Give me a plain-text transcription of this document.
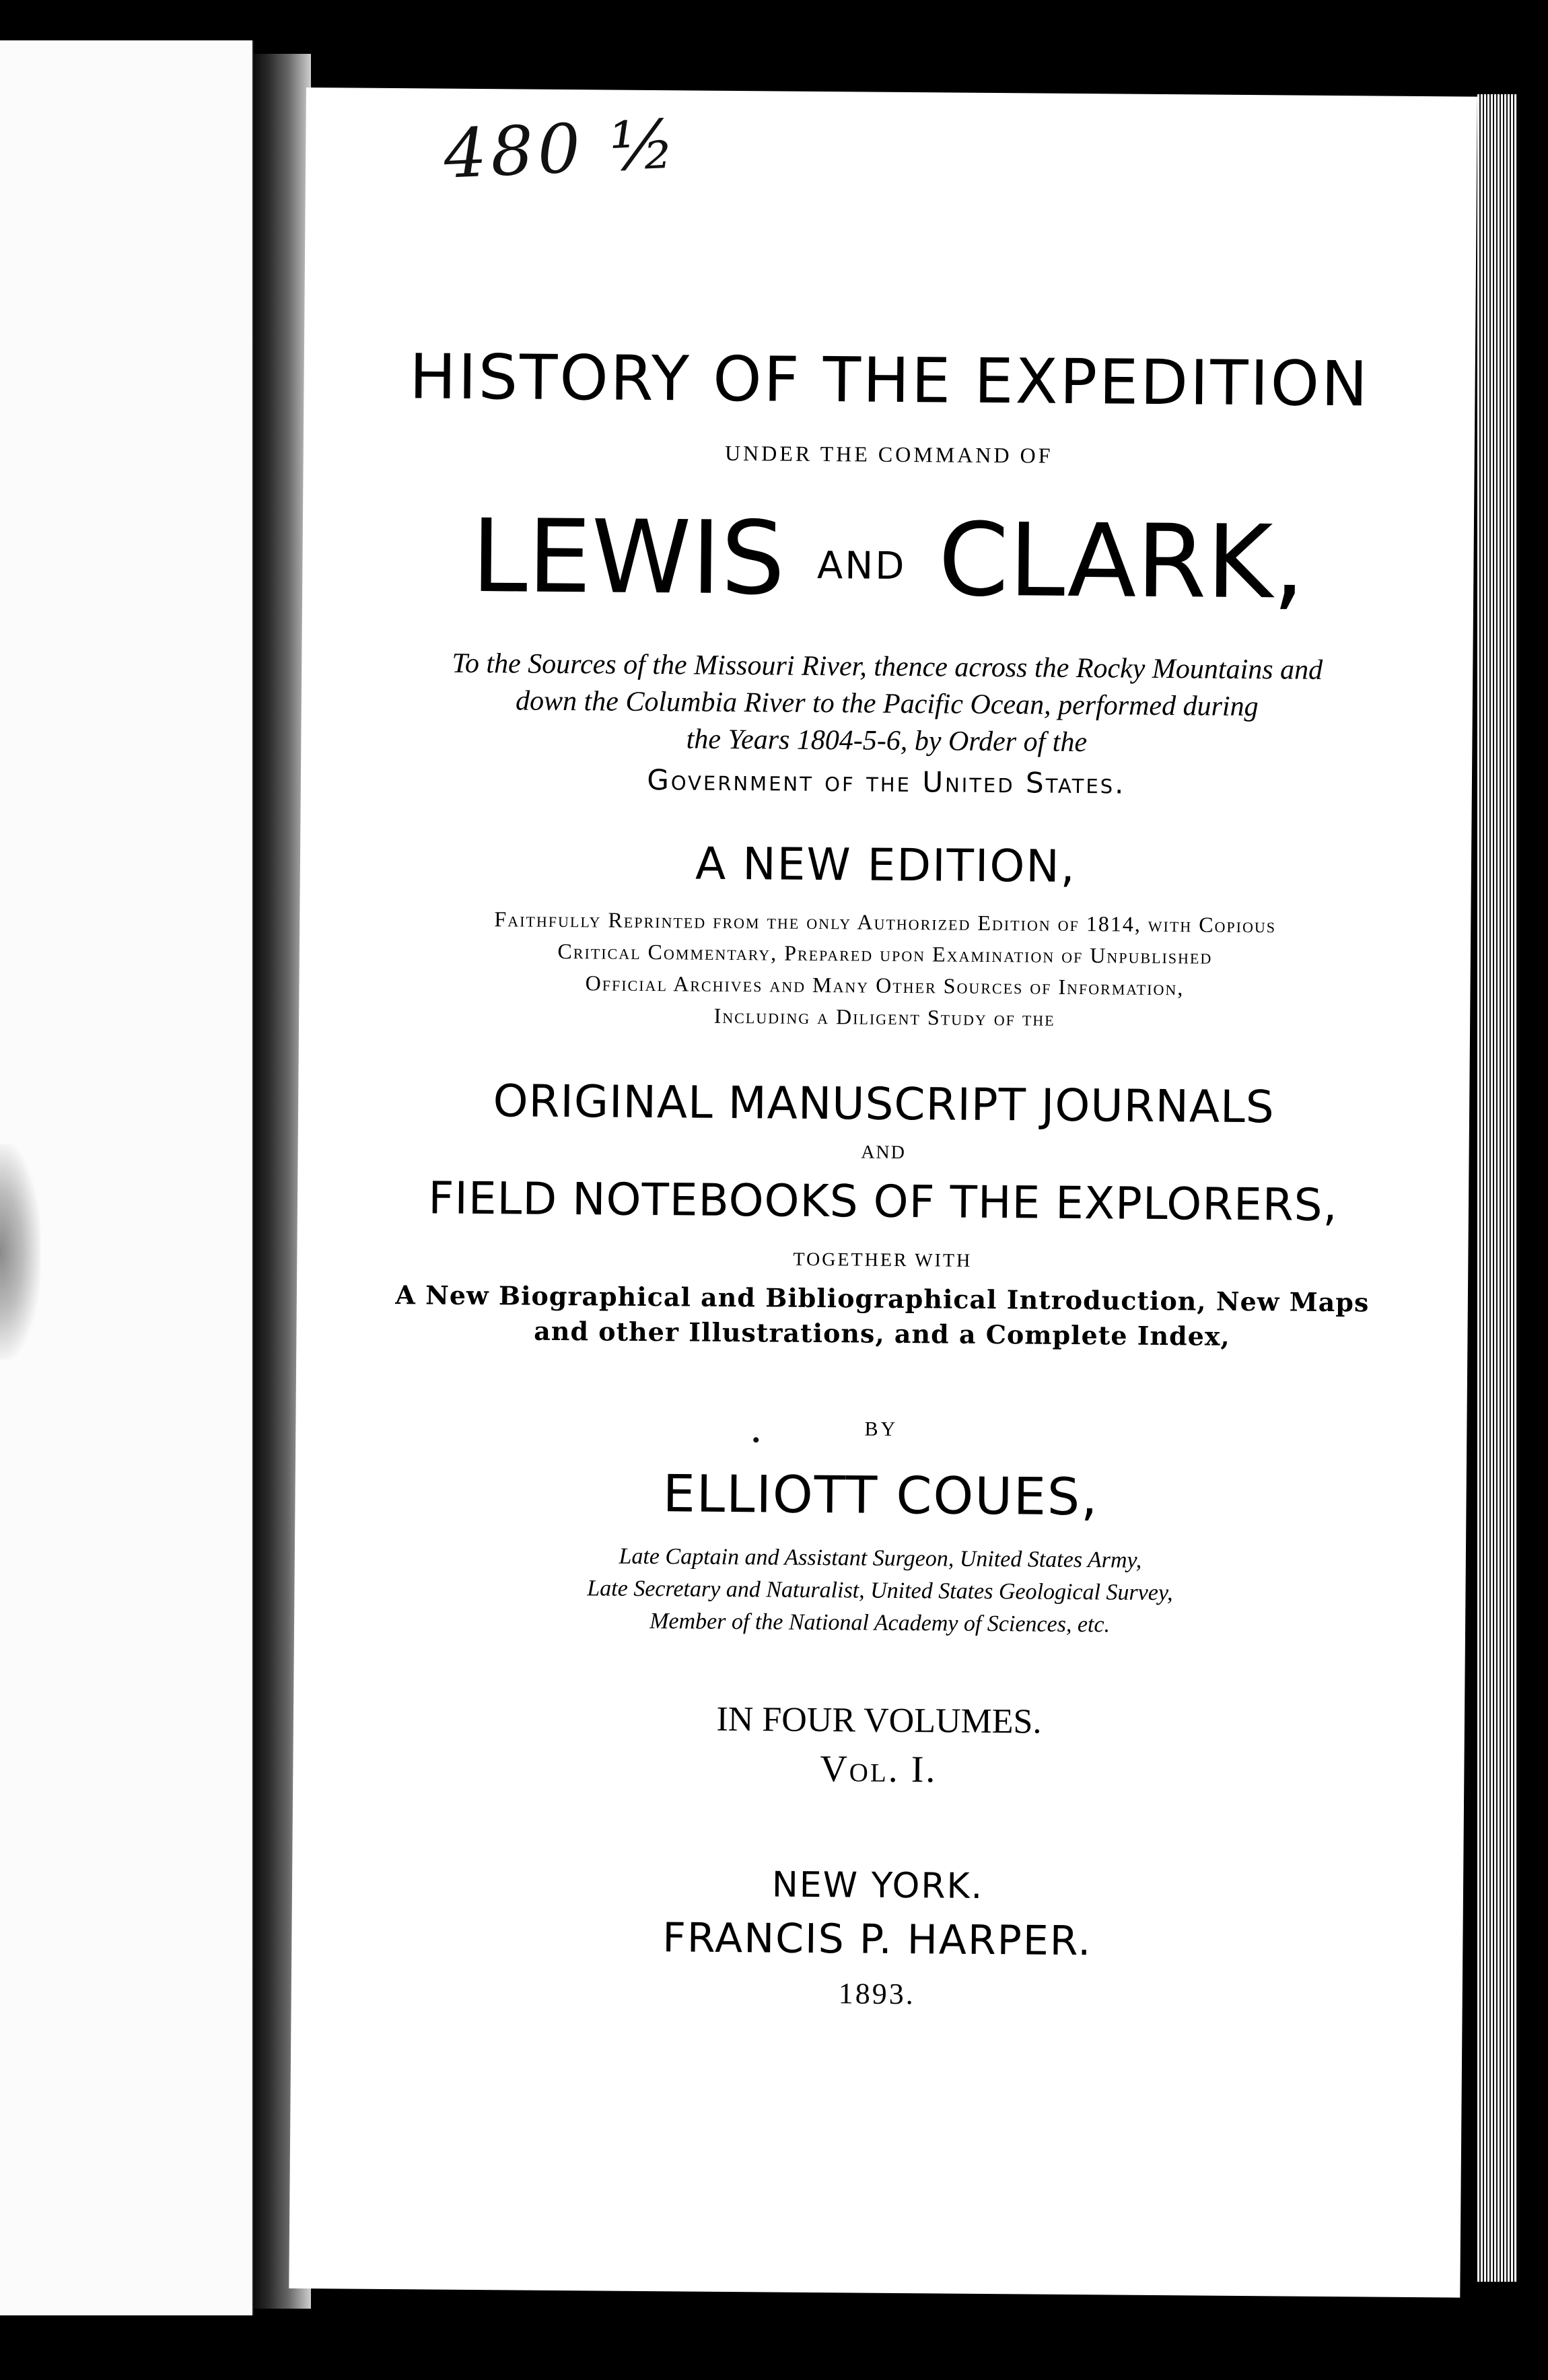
480 ½
HISTORY OF THE EXPEDITION
UNDER THE COMMAND OF
LEWIS AND CLARK,
To the Sources of the Missouri River, thence across the Rocky Mountains and
down the Columbia River to the Pacific Ocean, performed during
the Years 1804-5-6, by Order of the
Government of the United States.
A NEW EDITION,
Faithfully Reprinted from the only Authorized Edition of 1814, with Copious
Critical Commentary, Prepared upon Examination of Unpublished
Official Archives and Many Other Sources of Information,
Including a Diligent Study of the
ORIGINAL MANUSCRIPT JOURNALS
AND
FIELD NOTEBOOKS OF THE EXPLORERS,
TOGETHER WITH
A New Biographical and Bibliographical Introduction, New Maps
and other Illustrations, and a Complete Index,
BY
ELLIOTT COUES,
Late Captain and Assistant Surgeon, United States Army,
Late Secretary and Naturalist, United States Geological Survey,
Member of the National Academy of Sciences, etc.
IN FOUR VOLUMES.
Vol. I.
NEW YORK.
FRANCIS P. HARPER.
1893.
